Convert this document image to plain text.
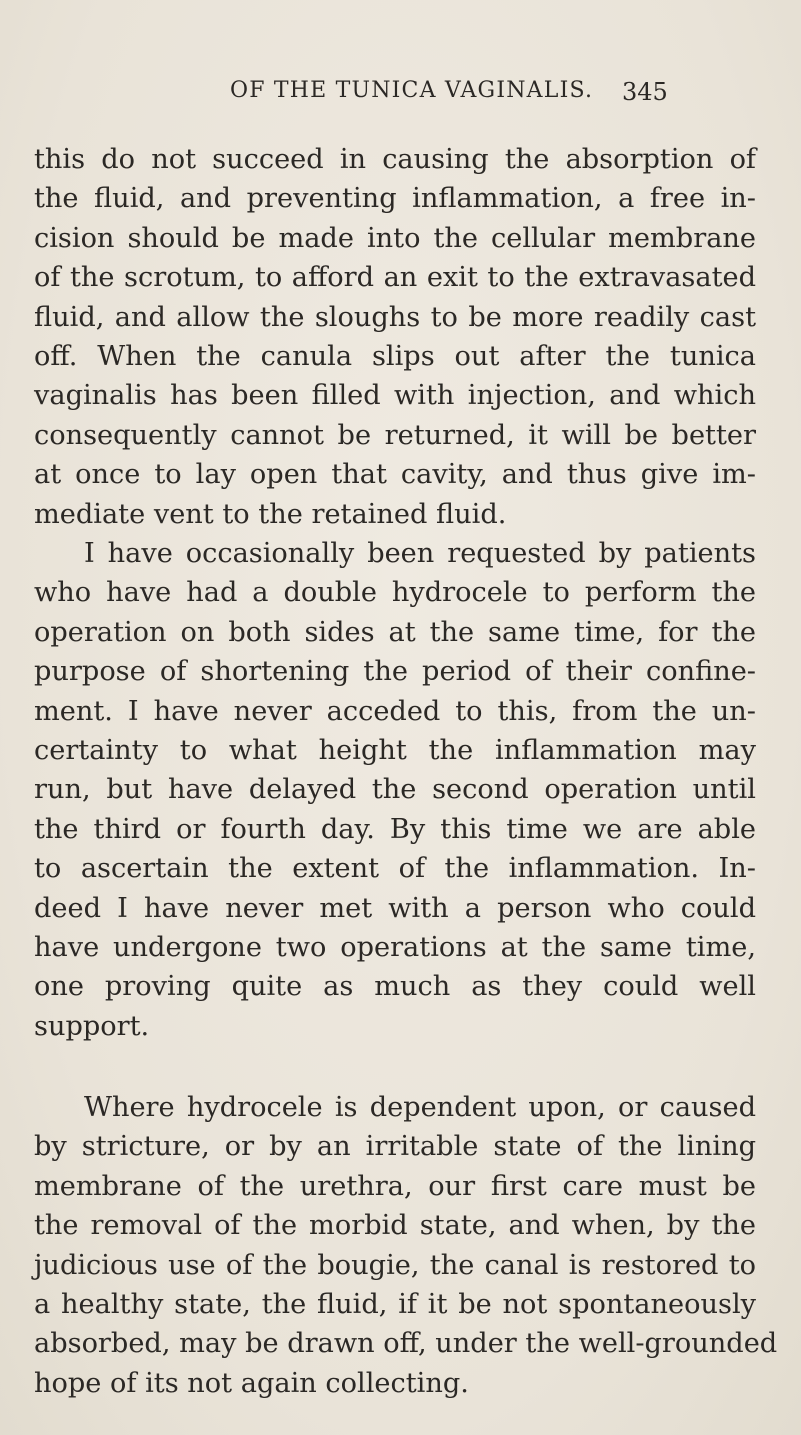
OF THE TUNICA VAGINALIS. 345
this do not succeed in causing the absorption of
the fluid, and preventing inflammation, a free in-
cision should be made into the cellular membrane
of the scrotum, to afford an exit to the extravasated
fluid, and allow the sloughs to be more readily cast
off. When the canula slips out after the tunica
vaginalis has been filled with injection, and which
consequently cannot be returned, it will be better
at once to lay open that cavity, and thus give im-
mediate vent to the retained fluid.
I have occasionally been requested by patients
who have had a double hydrocele to perform the
operation on both sides at the same time, for the
purpose of shortening the period of their confine-
ment. I have never acceded to this, from the un-
certainty to what height the inflammation may
run, but have delayed the second operation until
the third or fourth day. By this time we are able
to ascertain the extent of the inflammation. In-
deed I have never met with a person who could
have undergone two operations at the same time,
one proving quite as much as they could well
support.
Where hydrocele is dependent upon, or caused
by stricture, or by an irritable state of the lining
membrane of the urethra, our first care must be
the removal of the morbid state, and when, by the
judicious use of the bougie, the canal is restored to
a healthy state, the fluid, if it be not spontaneously
absorbed, may be drawn off, under the well-grounded
hope of its not again collecting.
